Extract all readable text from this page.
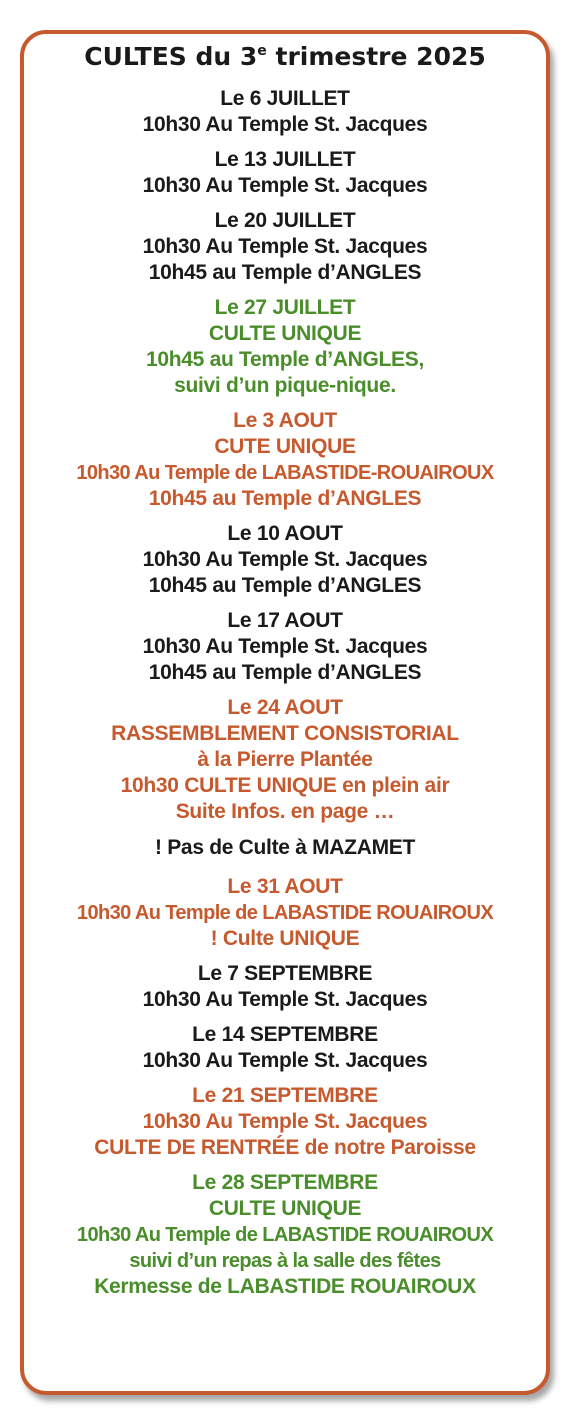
CULTES du 3e trimestre 2025
Le 6 JUILLET
10h30 Au Temple St. Jacques
Le 13 JUILLET
10h30 Au Temple St. Jacques
Le 20 JUILLET
10h30 Au Temple St. Jacques
10h45 au Temple d’ANGLES
Le 27 JUILLET
CULTE UNIQUE
10h45 au Temple d’ANGLES,
suivi d’un pique-nique.
Le 3 AOUT
CUTE UNIQUE
10h30 Au Temple de LABASTIDE-ROUAIROUX
10h45 au Temple d’ANGLES
Le 10 AOUT
10h30 Au Temple St. Jacques
10h45 au Temple d’ANGLES
Le 17 AOUT
10h30 Au Temple St. Jacques
10h45 au Temple d’ANGLES
Le 24 AOUT
RASSEMBLEMENT CONSISTORIAL
à la Pierre Plantée
10h30 CULTE UNIQUE en plein air
Suite Infos. en page …
! Pas de Culte à MAZAMET
Le 31 AOUT
10h30 Au Temple de LABASTIDE ROUAIROUX
! Culte UNIQUE
Le 7 SEPTEMBRE
10h30 Au Temple St. Jacques
Le 14 SEPTEMBRE
10h30 Au Temple St. Jacques
Le 21 SEPTEMBRE
10h30 Au Temple St. Jacques
CULTE DE RENTRÉE de notre Paroisse
Le 28 SEPTEMBRE
CULTE UNIQUE
10h30 Au Temple de LABASTIDE ROUAIROUX
suivi d’un repas à la salle des fêtes
Kermesse de LABASTIDE ROUAIROUX
